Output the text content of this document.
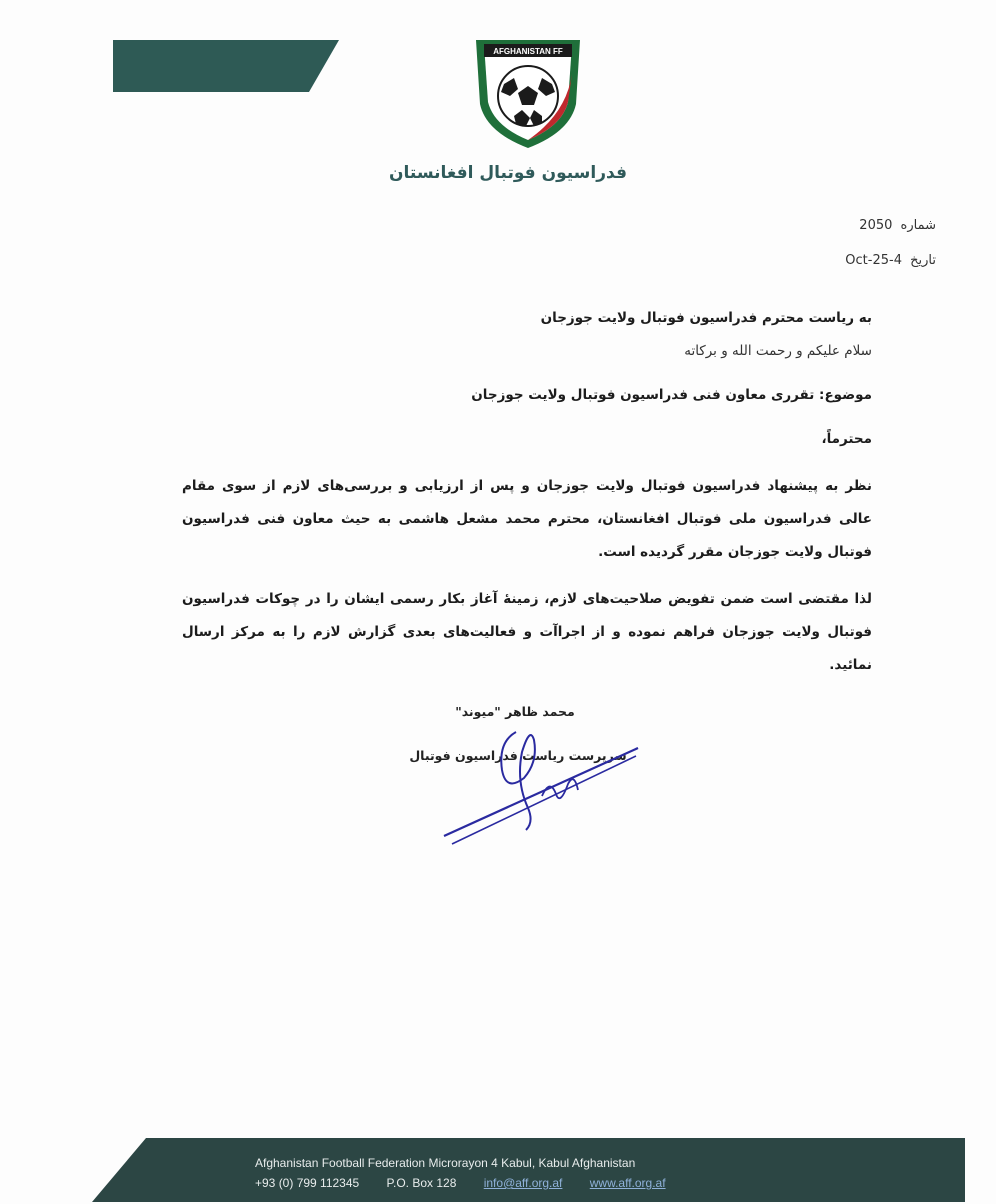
AFGHANISTAN FF
فدراسیون فوتبال افغانستان
شماره 2050
تاریخ 4-Oct-25
به ریاست محترم فدراسیون فوتبال ولایت جوزجان
سلام علیکم و رحمت الله و برکاته
موضوع: تقرری معاون فنی فدراسیون فوتبال ولایت جوزجان
محترماً،
نظر به پیشنهاد فدراسیون فوتبال ولایت جوزجان و پس از ارزیابی و بررسی‌های لازم از سوی مقام عالی فدراسیون ملی فوتبال افغانستان، محترم محمد مشعل هاشمی به حیث معاون فنی فدراسیون فوتبال ولایت جوزجان مقرر گردیده است.
لذا مقتضی است ضمن تفویض صلاحیت‌های لازم، زمینهٔ آغاز بکار رسمی ایشان را در چوکات فدراسیون فوتبال ولایت جوزجان فراهم نموده و از اجراآت و فعالیت‌های بعدی گزارش لازم را به مرکز ارسال نمائید.
محمد ظاهر "میوند"
سرپرست ریاست فدراسیون فوتبال
Afghanistan Football Federation Microrayon 4 Kabul, Kabul Afghanistan
+93 (0) 799 112345 P.O. Box 128 info@aff.org.af www.aff.org.af
